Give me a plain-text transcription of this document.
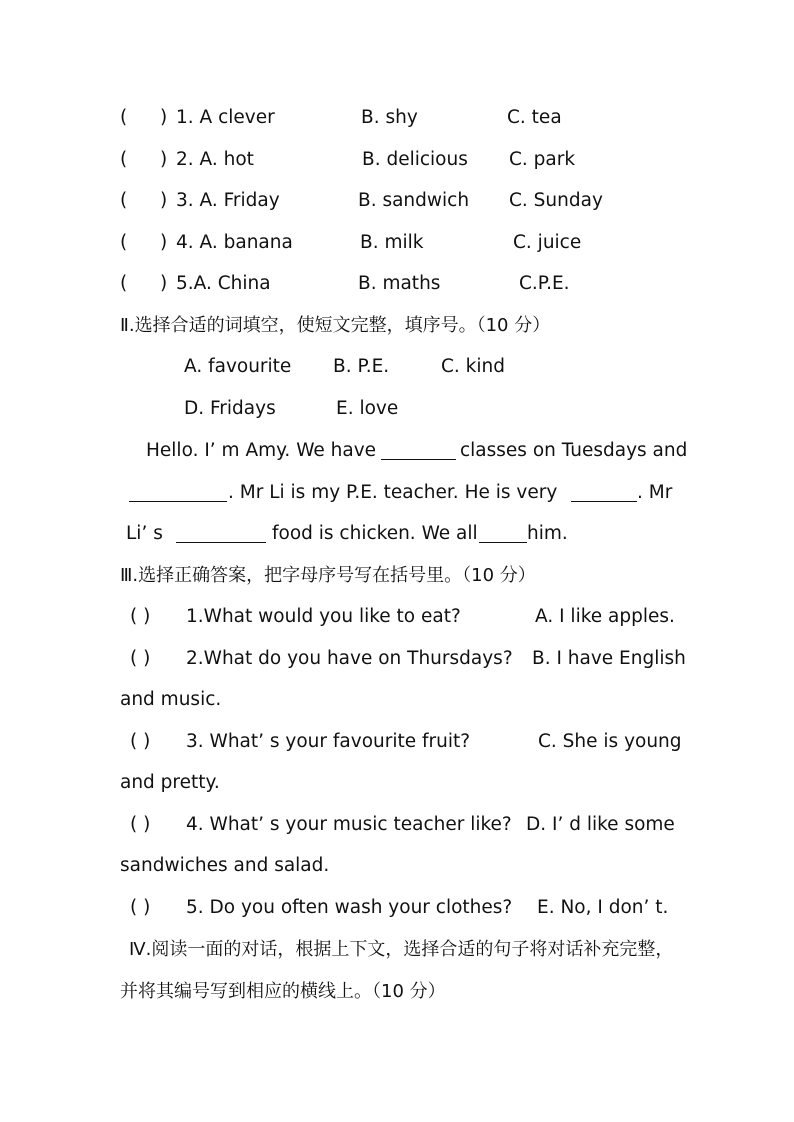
( ) 1. A clever	B. shy	C. tea
( ) 2. A. hot	B. delicious C. park
( ) 3. A. Friday	B. sandwich C. Sunday
( ) 4. A. banana	B. milk	C. juice
( ) 5.A. China	B. maths	C.P.E.
Ⅱ.选择合适的词填空，使短文完整，填序号。（10 分）
A. favourite B. P.E.	C. kind
D. Fridays	E. love
Hello. I’ m Amy. We have	classes on Tuesdays and
. Mr Li is my P.E. teacher. He is very	. Mr
Li’ s	food is chicken. We all	him.
Ⅲ.选择正确答案，把字母序号写在括号里。（10 分）
( ) 1.What would you like to eat?	A. I like apples.
( ) 2.What do you have on Thursdays? B. I have English
and music.
( ) 3. What’ s your favourite fruit?	C. She is young
and pretty.
( ) 4. What’ s your music teacher like? D. I’ d like some
sandwiches and salad.
( ) 5. Do you often wash your clothes? E. No, I don’ t.
Ⅳ.阅读一面的对话，根据上下文，选择合适的句子将对话补充完整，
并将其编号写到相应的横线上。（10 分）
